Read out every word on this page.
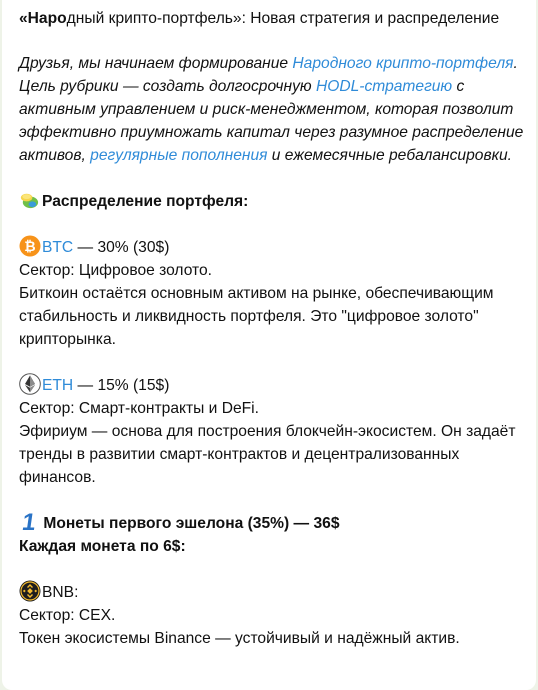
«Народный крипто-портфель»: Новая стратегия и распределение

Друзья, мы начинаем формирование Народного крипто-портфеля. Цель рубрики — создать долгосрочную HODL-стратегию с активным управлением и риск-менеджментом, которая позволит эффективно приумножать капитал через разумное распределение активов, регулярные пополнения и ежемесячные ребалансировки.

Распределение портфеля:

₿ BTC — 30% (30$)

Сектор: Цифровое золото.

Биткоин остаётся основным активом на рынке, обеспечивающим стабильность и ликвидность портфеля. Это "цифровое золото" крипторынка.

ETH — 15% (15$)

Сектор: Смарт-контракты и DeFi.

Эфириум — основа для построения блокчейн-экосистем. Он задаёт тренды в развитии смарт-контрактов и децентрализованных финансов.

1 Монеты первого эшелона (35%) — 36$

Каждая монета по 6$:

BNB:

Сектор: CEX.

Токен экосистемы Binance — устойчивый и надёжный актив.
